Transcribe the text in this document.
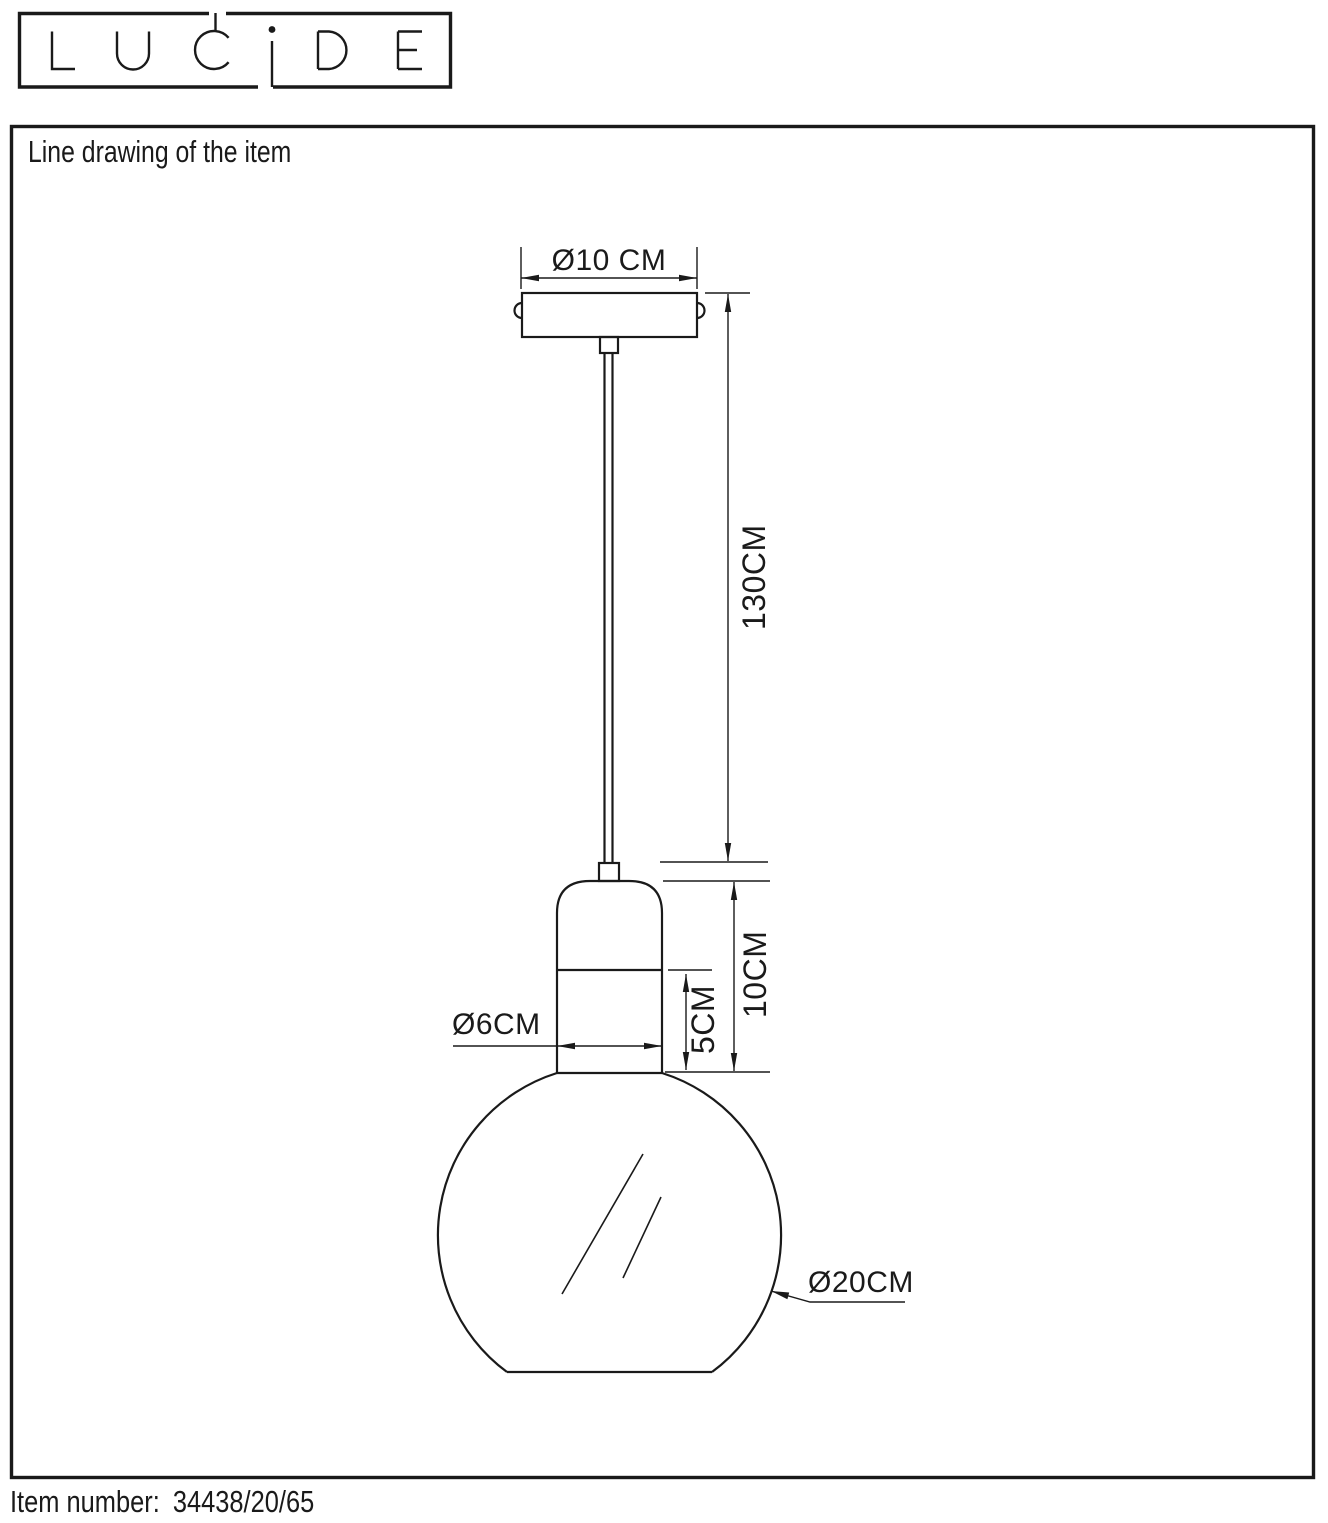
Line drawing of the item
Ø10 CM
130CM
10CM
5CM
Ø6CM
Ø20CM
Item number: 34438/20/65
